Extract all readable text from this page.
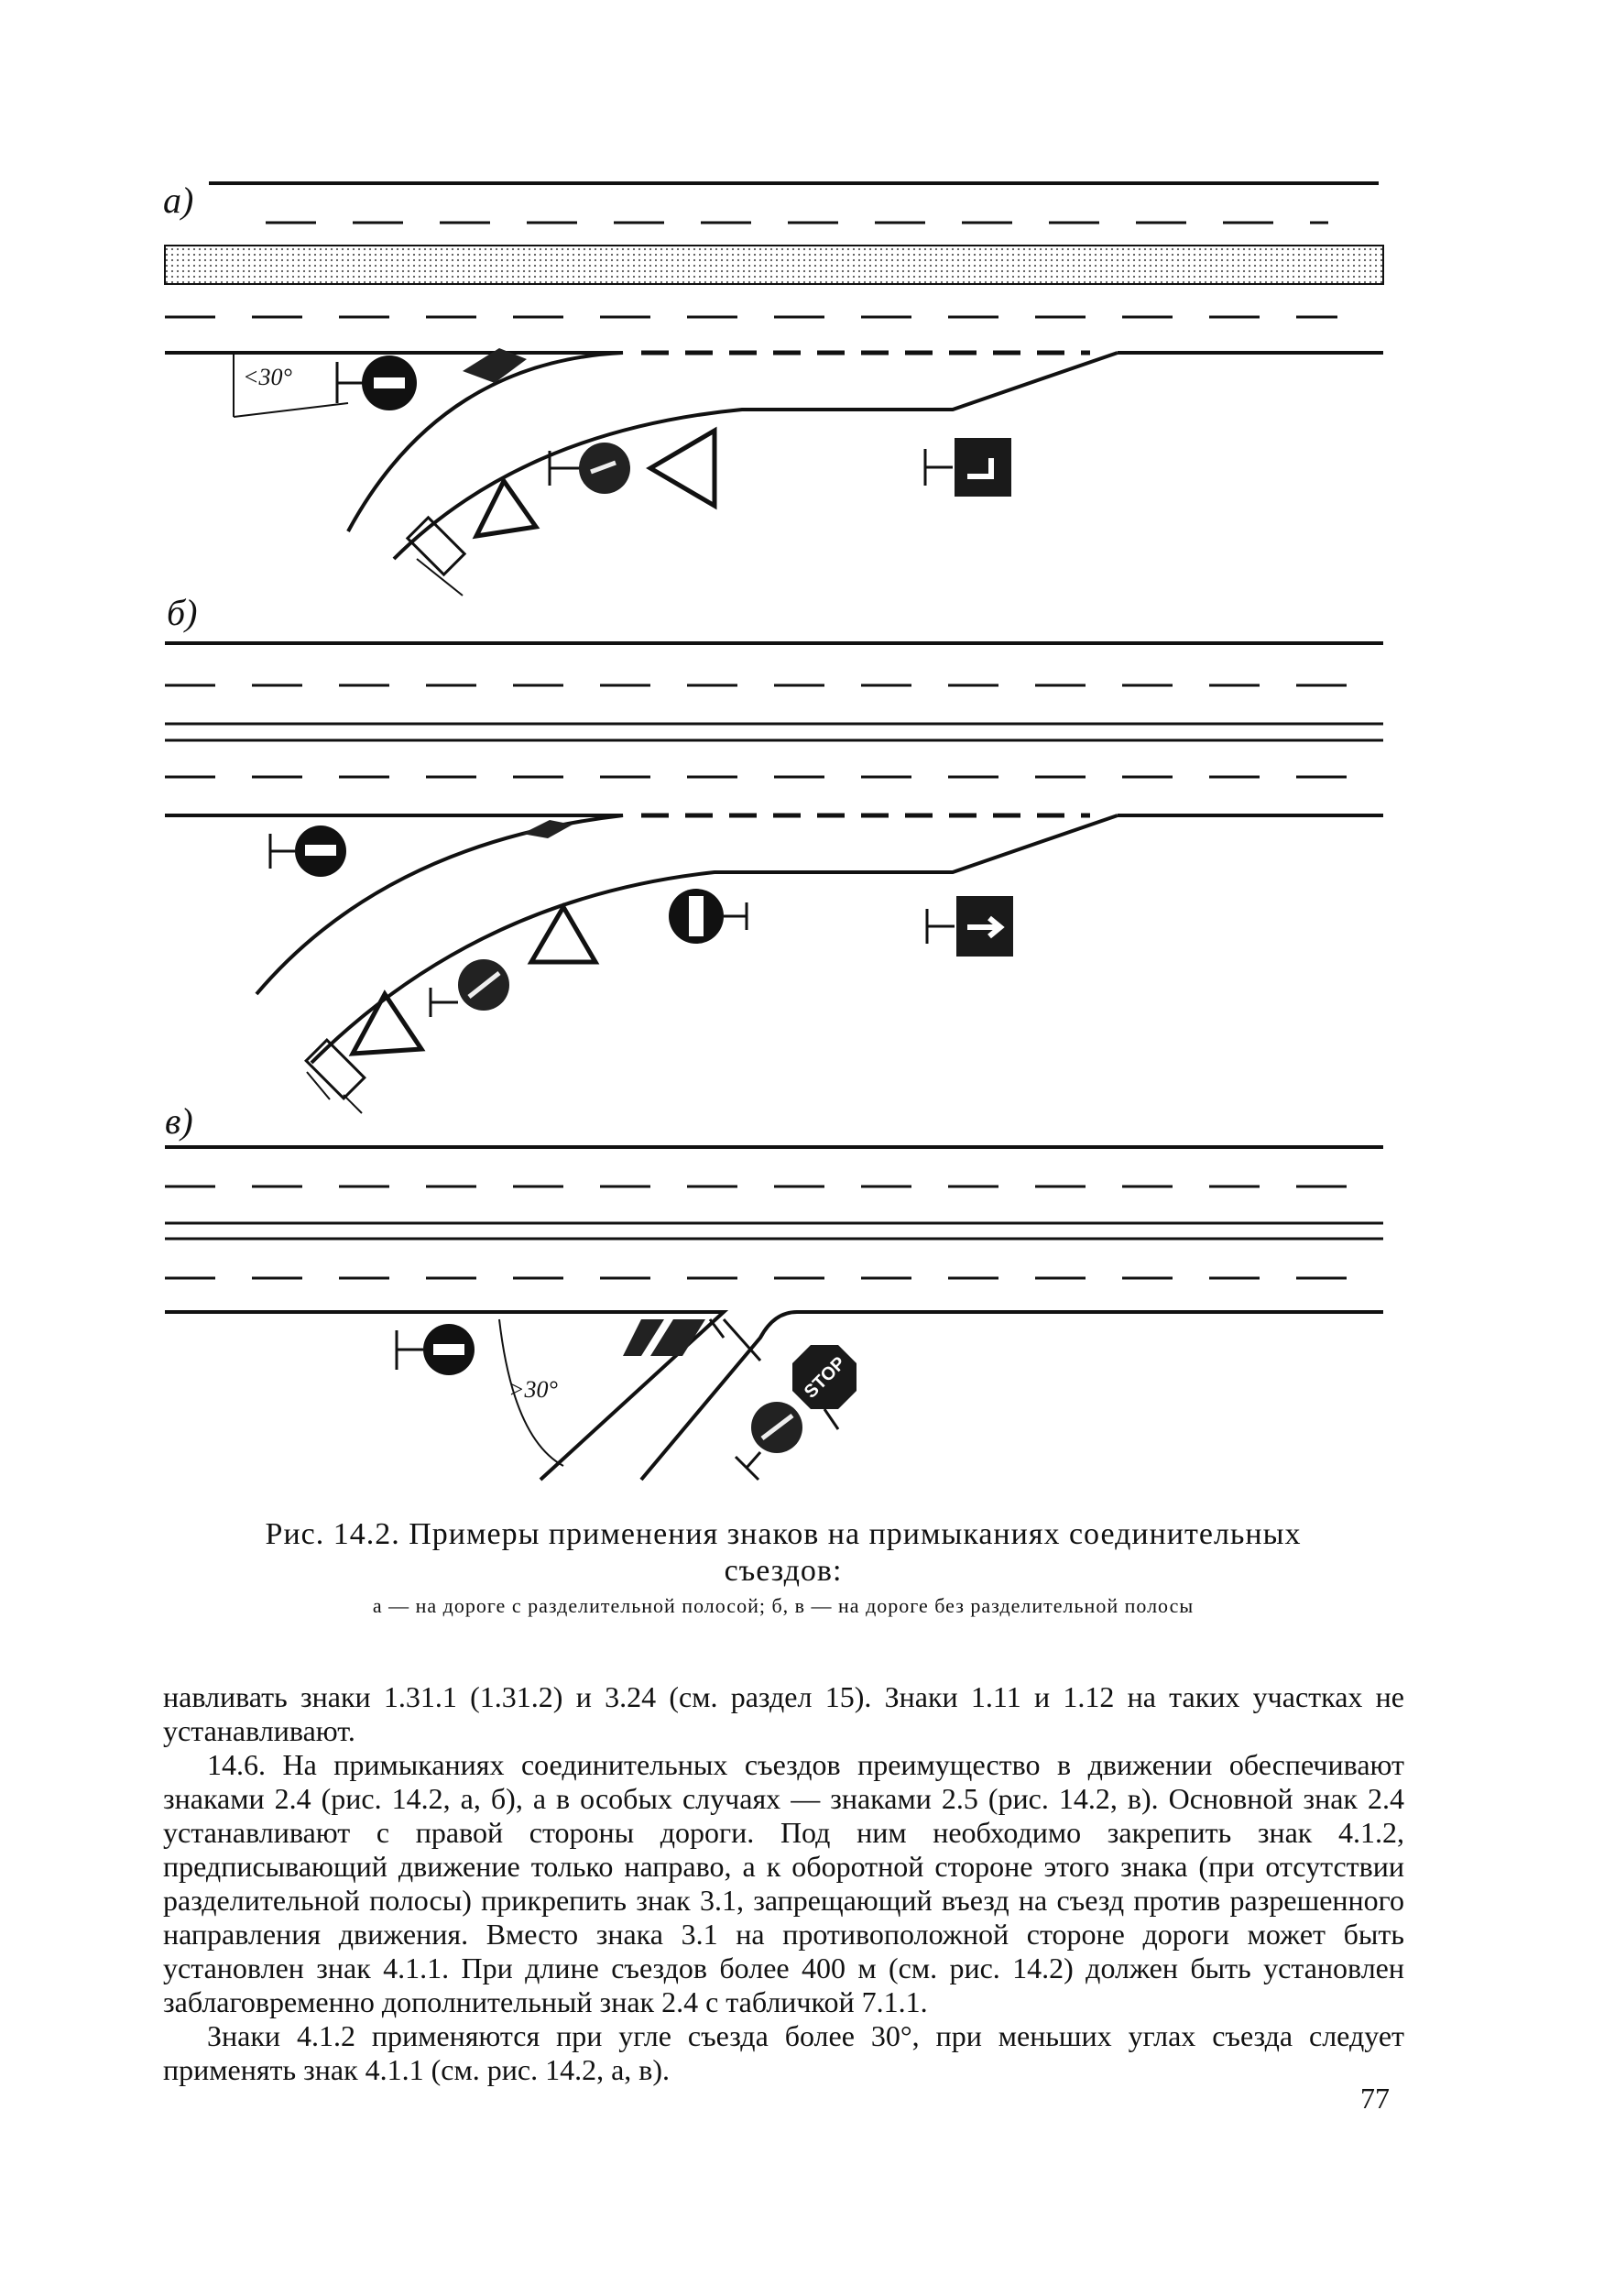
а)
<30°
б)
в)
>30°	STOP
Рис. 14.2. Примеры применения знаков на примыканиях соединительных
съездов:
а — на дороге с разделительной полосой; б, в — на дороге без разделительной полосы

навливать знаки 1.31.1 (1.31.2) и 3.24 (см. раздел 15). Знаки 1.11 и 1.12 на таких участках не устанавливают.

14.6. На примыканиях соединительных съездов преимущество в движении обеспечивают знаками 2.4 (рис. 14.2, а, б), а в особых случаях — знаками 2.5 (рис. 14.2, в). Основной знак 2.4 устанавливают с правой стороны дороги. Под ним необходимо закрепить знак 4.1.2, предписывающий движение только направо, а к оборотной стороне этого знака (при отсутствии разделительной полосы) прикрепить знак 3.1, запрещающий въезд на съезд против разрешенного направления движения. Вместо знака 3.1 на противоположной стороне дороги может быть установлен знак 4.1.1. При длине съездов более 400 м (см. рис. 14.2) должен быть установлен заблаговременно дополнительный знак 2.4 с табличкой 7.1.1.

Знаки 4.1.2 применяются при угле съезда более 30°, при меньших углах съезда следует применять знак 4.1.1 (см. рис. 14.2, а, в).

77
